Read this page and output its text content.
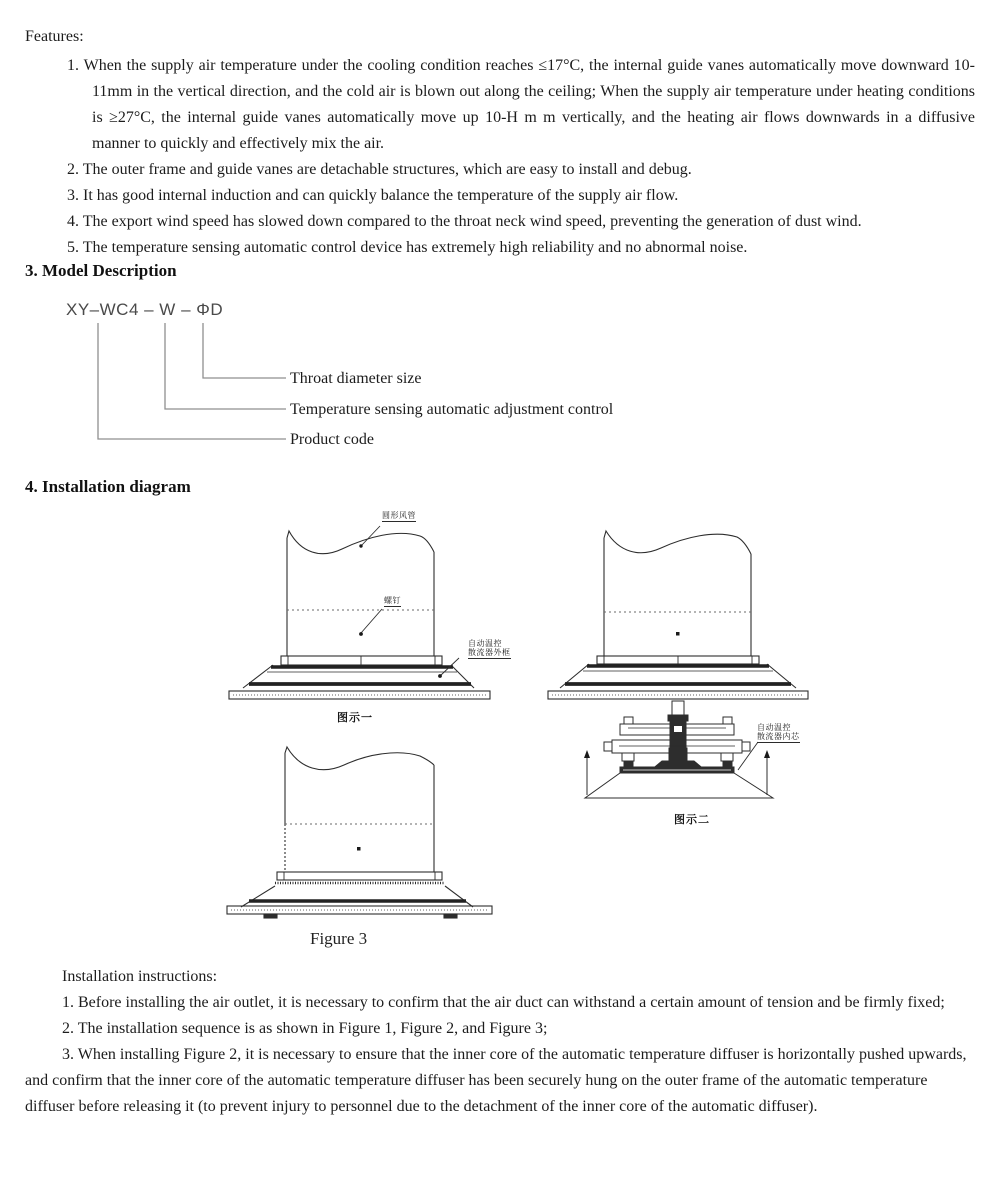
Features:
1. When the supply air temperature under the cooling condition reaches ≤17°C, the internal guide vanes automatically move downward 10-11mm in the vertical direction, and the cold air is blown out along the ceiling; When the supply air temperature under heating conditions is ≥27°C, the internal guide vanes automatically move up 10-H m m vertically, and the heating air flows downwards in a diffusive manner to quickly and effectively mix the air.
2. The outer frame and guide vanes are detachable structures, which are easy to install and debug.
3. It has good internal induction and can quickly balance the temperature of the supply air flow.
4. The export wind speed has slowed down compared to the throat neck wind speed, preventing the generation of dust wind.
5. The temperature sensing automatic control device has extremely high reliability and no abnormal noise.
3. Model Description
XY–WC4 – W – ΦD
Throat diameter size
Temperature sensing automatic adjustment control
Product code
4. Installation diagram
圆形风管
螺钉
自动温控
散流器外框
图示一
自动温控
散流器内芯
图示二
Figure 3

Installation instructions:

1. Before installing the air outlet, it is necessary to confirm that the air duct can withstand a certain amount of tension and be firmly fixed;

2. The installation sequence is as shown in Figure 1, Figure 2, and Figure 3;

3. When installing Figure 2, it is necessary to ensure that the inner core of the automatic temperature diffuser is horizontally pushed upwards, and confirm that the inner core of the automatic temperature diffuser has been securely hung on the outer frame of the automatic temperature diffuser before releasing it (to prevent injury to personnel due to the detachment of the inner core of the automatic diffuser).
